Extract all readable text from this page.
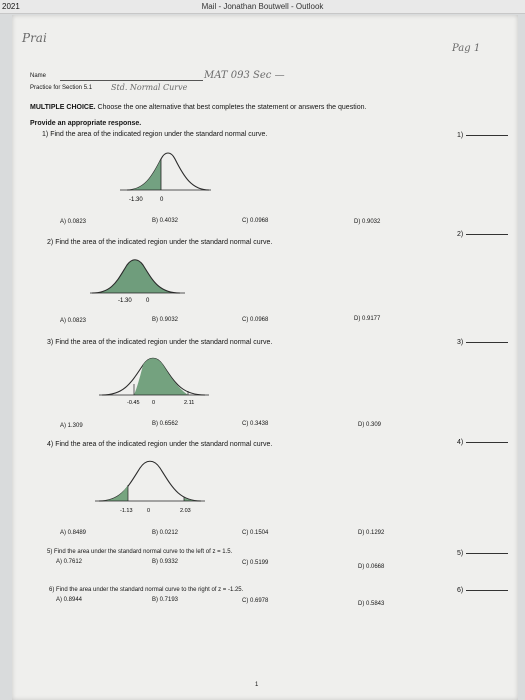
2021	Mail - Jonathan Boutwell - Outlook
Prai
Pag 1
Name	MAT 093 Sec —
Practice for Section 5.1 Std. Normal Curve
MULTIPLE CHOICE. Choose the one alternative that best completes the statement or answers the question.
Provide an appropriate response.
1) Find the area of the indicated region under the standard normal curve.	1)
-1.30	0
A) 0.0823	B) 0.4032	C) 0.0968	D) 0.9032
2) Find the area of the indicated region under the standard normal curve.
2)
-1.30 0
A) 0.0823	B) 0.9032	C) 0.0968	D) 0.9177
3) Find the area of the indicated region under the standard normal curve.	3)
-0.45 0	2.11
A) 1.309	B) 0.6562	C) 0.3438	D) 0.309
4) Find the area of the indicated region under the standard normal curve.	4)
-1.13	0	2.03
A) 0.8489	B) 0.0212	C) 0.1504	D) 0.1292
5) Find the area under the standard normal curve to the left of z = 1.5.	5)
A) 0.7612	B) 0.9332	C) 0.5199
D) 0.0668
6) Find the area under the standard normal curve to the right of z = -1.25.	6)
A) 0.8944	B) 0.7193	C) 0.6978	D) 0.5843
1
